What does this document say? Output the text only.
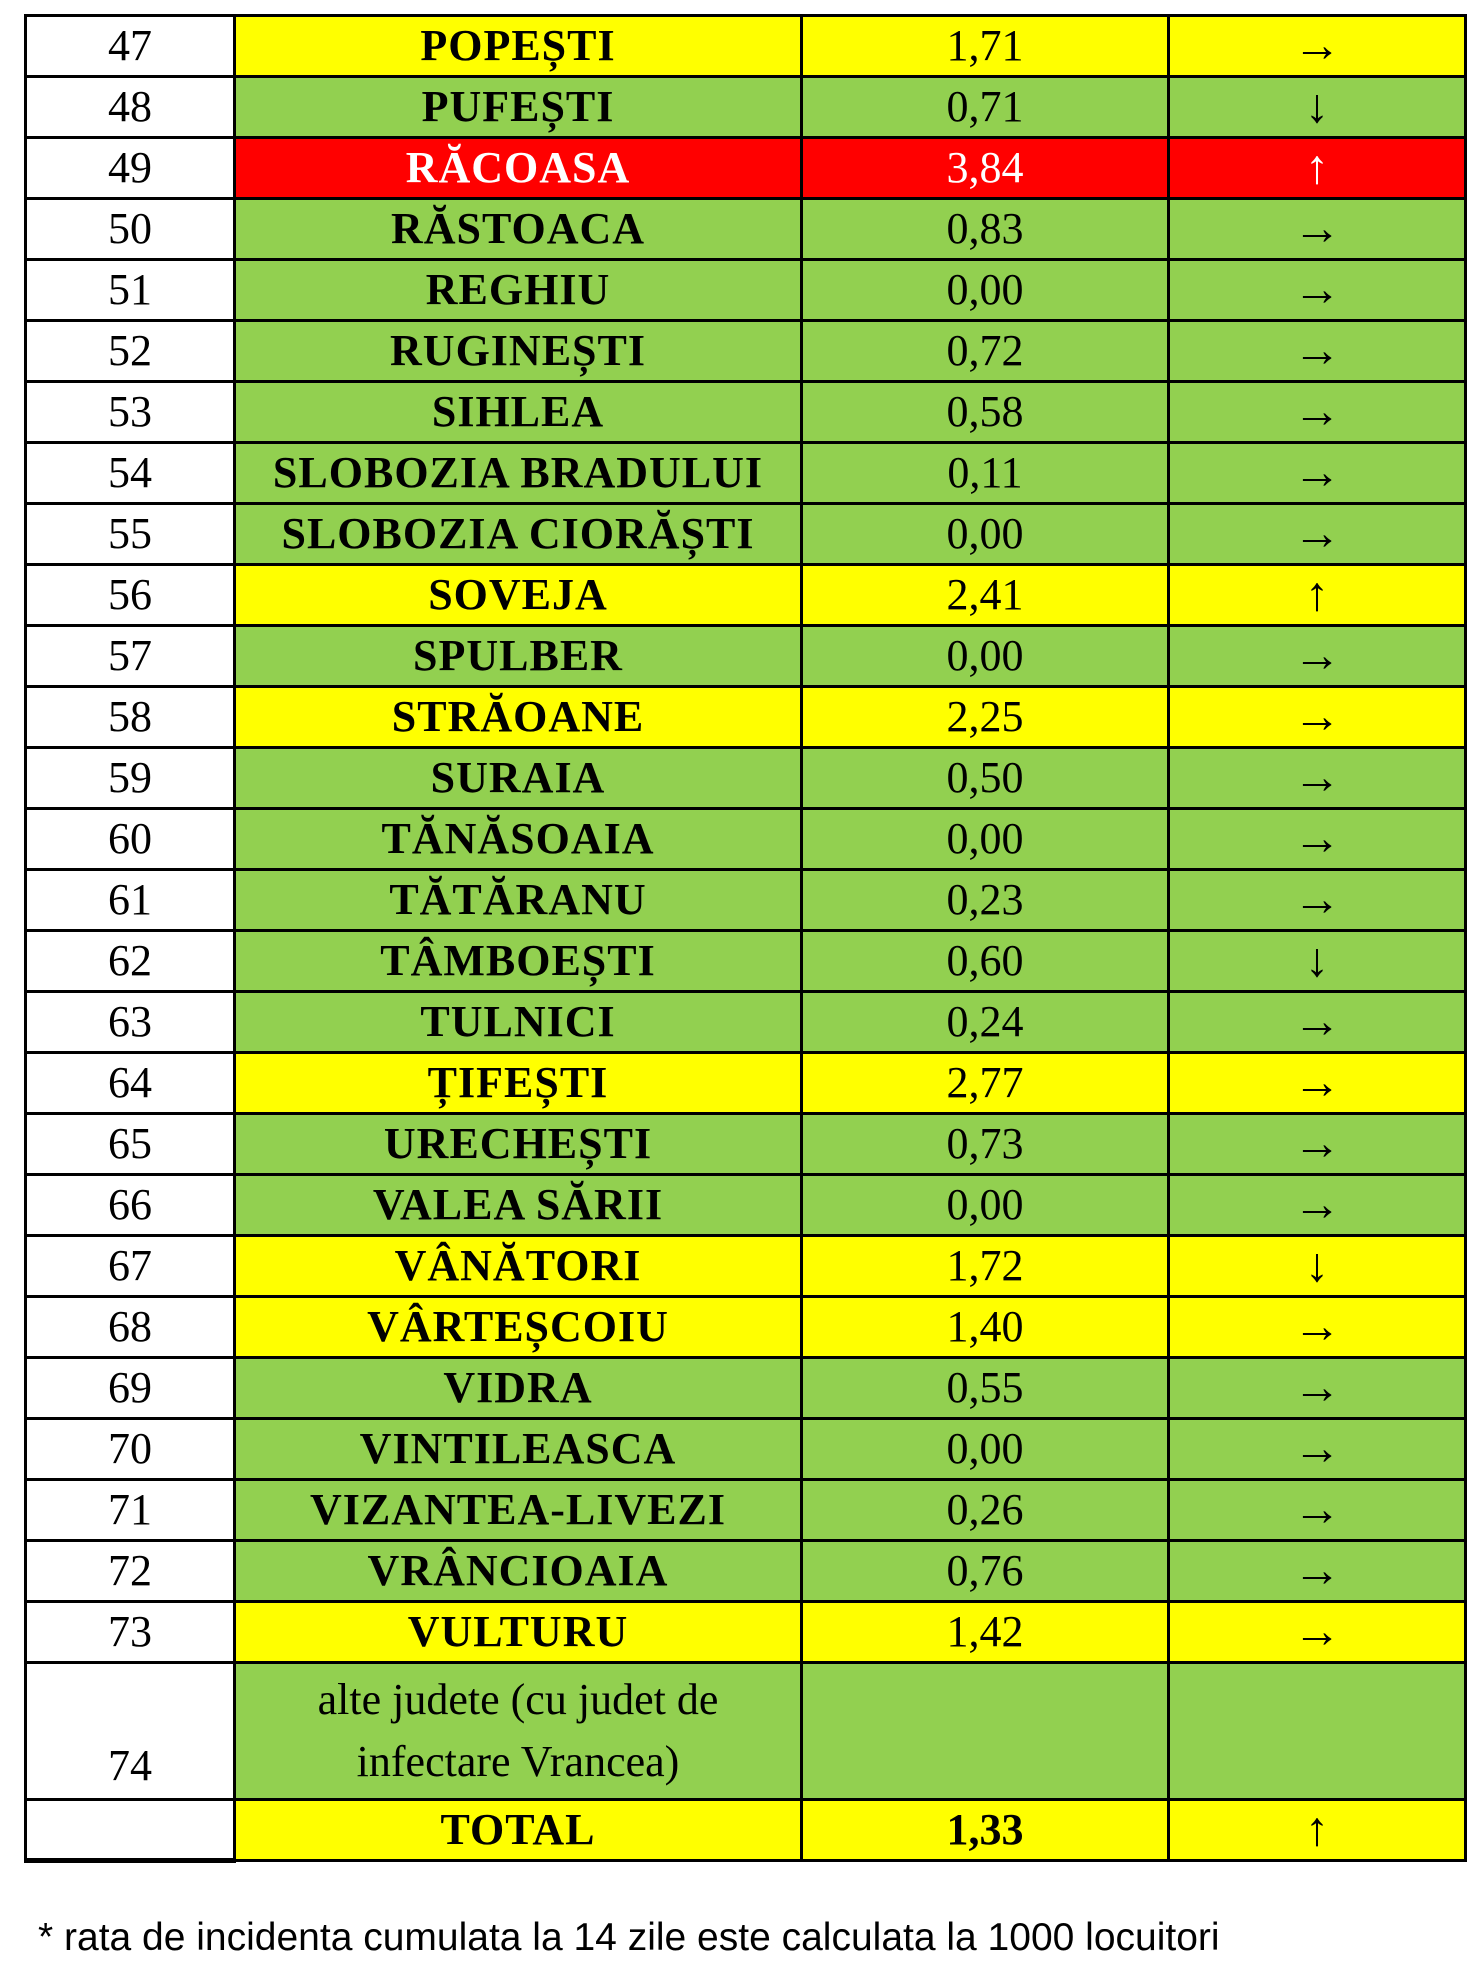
47	POPEȘTI	1,71	→
48	PUFEȘTI	0,71	↓
49	RĂCOASA	3,84	↑
50	RĂSTOACA	0,83	→
51	REGHIU	0,00	→
52	RUGINEȘTI	0,72	→
53	SIHLEA	0,58	→
54	SLOBOZIA BRADULUI	0,11	→
55	SLOBOZIA CIORĂȘTI	0,00	→
56	SOVEJA	2,41	↑
57	SPULBER	0,00	→
58	STRĂOANE	2,25	→
59	SURAIA	0,50	→
60	TĂNĂSOAIA	0,00	→
61	TĂTĂRANU	0,23	→
62	TÂMBOEȘTI	0,60	↓
63	TULNICI	0,24	→
64	ȚIFEȘTI	2,77	→
65	URECHEȘTI	0,73	→
66	VALEA SĂRII	0,00	→
67	VÂNĂTORI	1,72	↓
68	VÂRTEȘCOIU	1,40	→
69	VIDRA	0,55	→
70	VINTILEASCA	0,00	→
71	VIZANTEA-LIVEZI	0,26	→
72	VRÂNCIOAIA	0,76	→
73	VULTURU	1,42	→
74	alte judete (cu judet de infectare Vrancea)		
	TOTAL	1,33	↑
* rata de incidenta cumulata la 14 zile este calculata la 1000 locuitori
